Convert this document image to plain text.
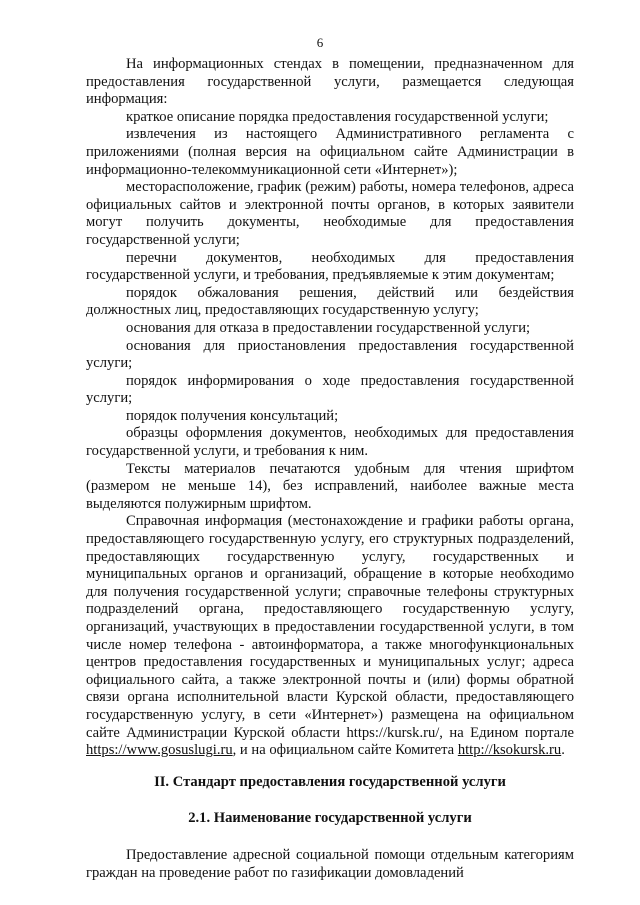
6

На информационных стендах в помещении, предназначенном для предоставления государственной услуги, размещается следующая информация:

краткое описание порядка предоставления государственной услуги;

извлечения из настоящего Административного регламента с приложениями (полная версия на официальном сайте Администрации в информационно-телекоммуникационной сети «Интернет»);

месторасположение, график (режим) работы, номера телефонов, адреса официальных сайтов и электронной почты органов, в которых заявители могут получить документы, необходимые для предоставления государственной услуги;

перечни документов, необходимых для предоставления государственной услуги, и требования, предъявляемые к этим документам;

порядок обжалования решения, действий или бездействия должностных лиц, предоставляющих государственную услугу;

основания для отказа в предоставлении государственной услуги;

основания для приостановления предоставления государственной услуги;

порядок информирования о ходе предоставления государственной услуги;

порядок получения консультаций;

образцы оформления документов, необходимых для предоставления государственной услуги, и требования к ним.

Тексты материалов печатаются удобным для чтения шрифтом (размером не меньше 14), без исправлений, наиболее важные места выделяются полужирным шрифтом.

Справочная информация (местонахождение и графики работы органа, предоставляющего государственную услугу, его структурных подразделений, предоставляющих государственную услугу, государственных и муниципальных органов и организаций, обращение в которые необходимо для получения государственной услуги; справочные телефоны структурных подразделений органа, предоставляющего государственную услугу, организаций, участвующих в предоставлении государственной услуги, в том числе номер телефона - автоинформатора, а также многофункциональных центров предоставления государственных и муниципальных услуг; адреса официального сайта, а также электронной почты и (или) формы обратной связи органа исполнительной власти Курской области, предоставляющего государственную услугу, в сети «Интернет») размещена на официальном сайте Администрации Курской области https://kursk.ru/, на Едином портале https://www.gosuslugi.ru, и на официальном сайте Комитета http://ksokursk.ru.

II. Стандарт предоставления государственной услуги

2.1. Наименование государственной услуги

Предоставление адресной социальной помощи отдельным категориям граждан на проведение работ по газификации домовладений
